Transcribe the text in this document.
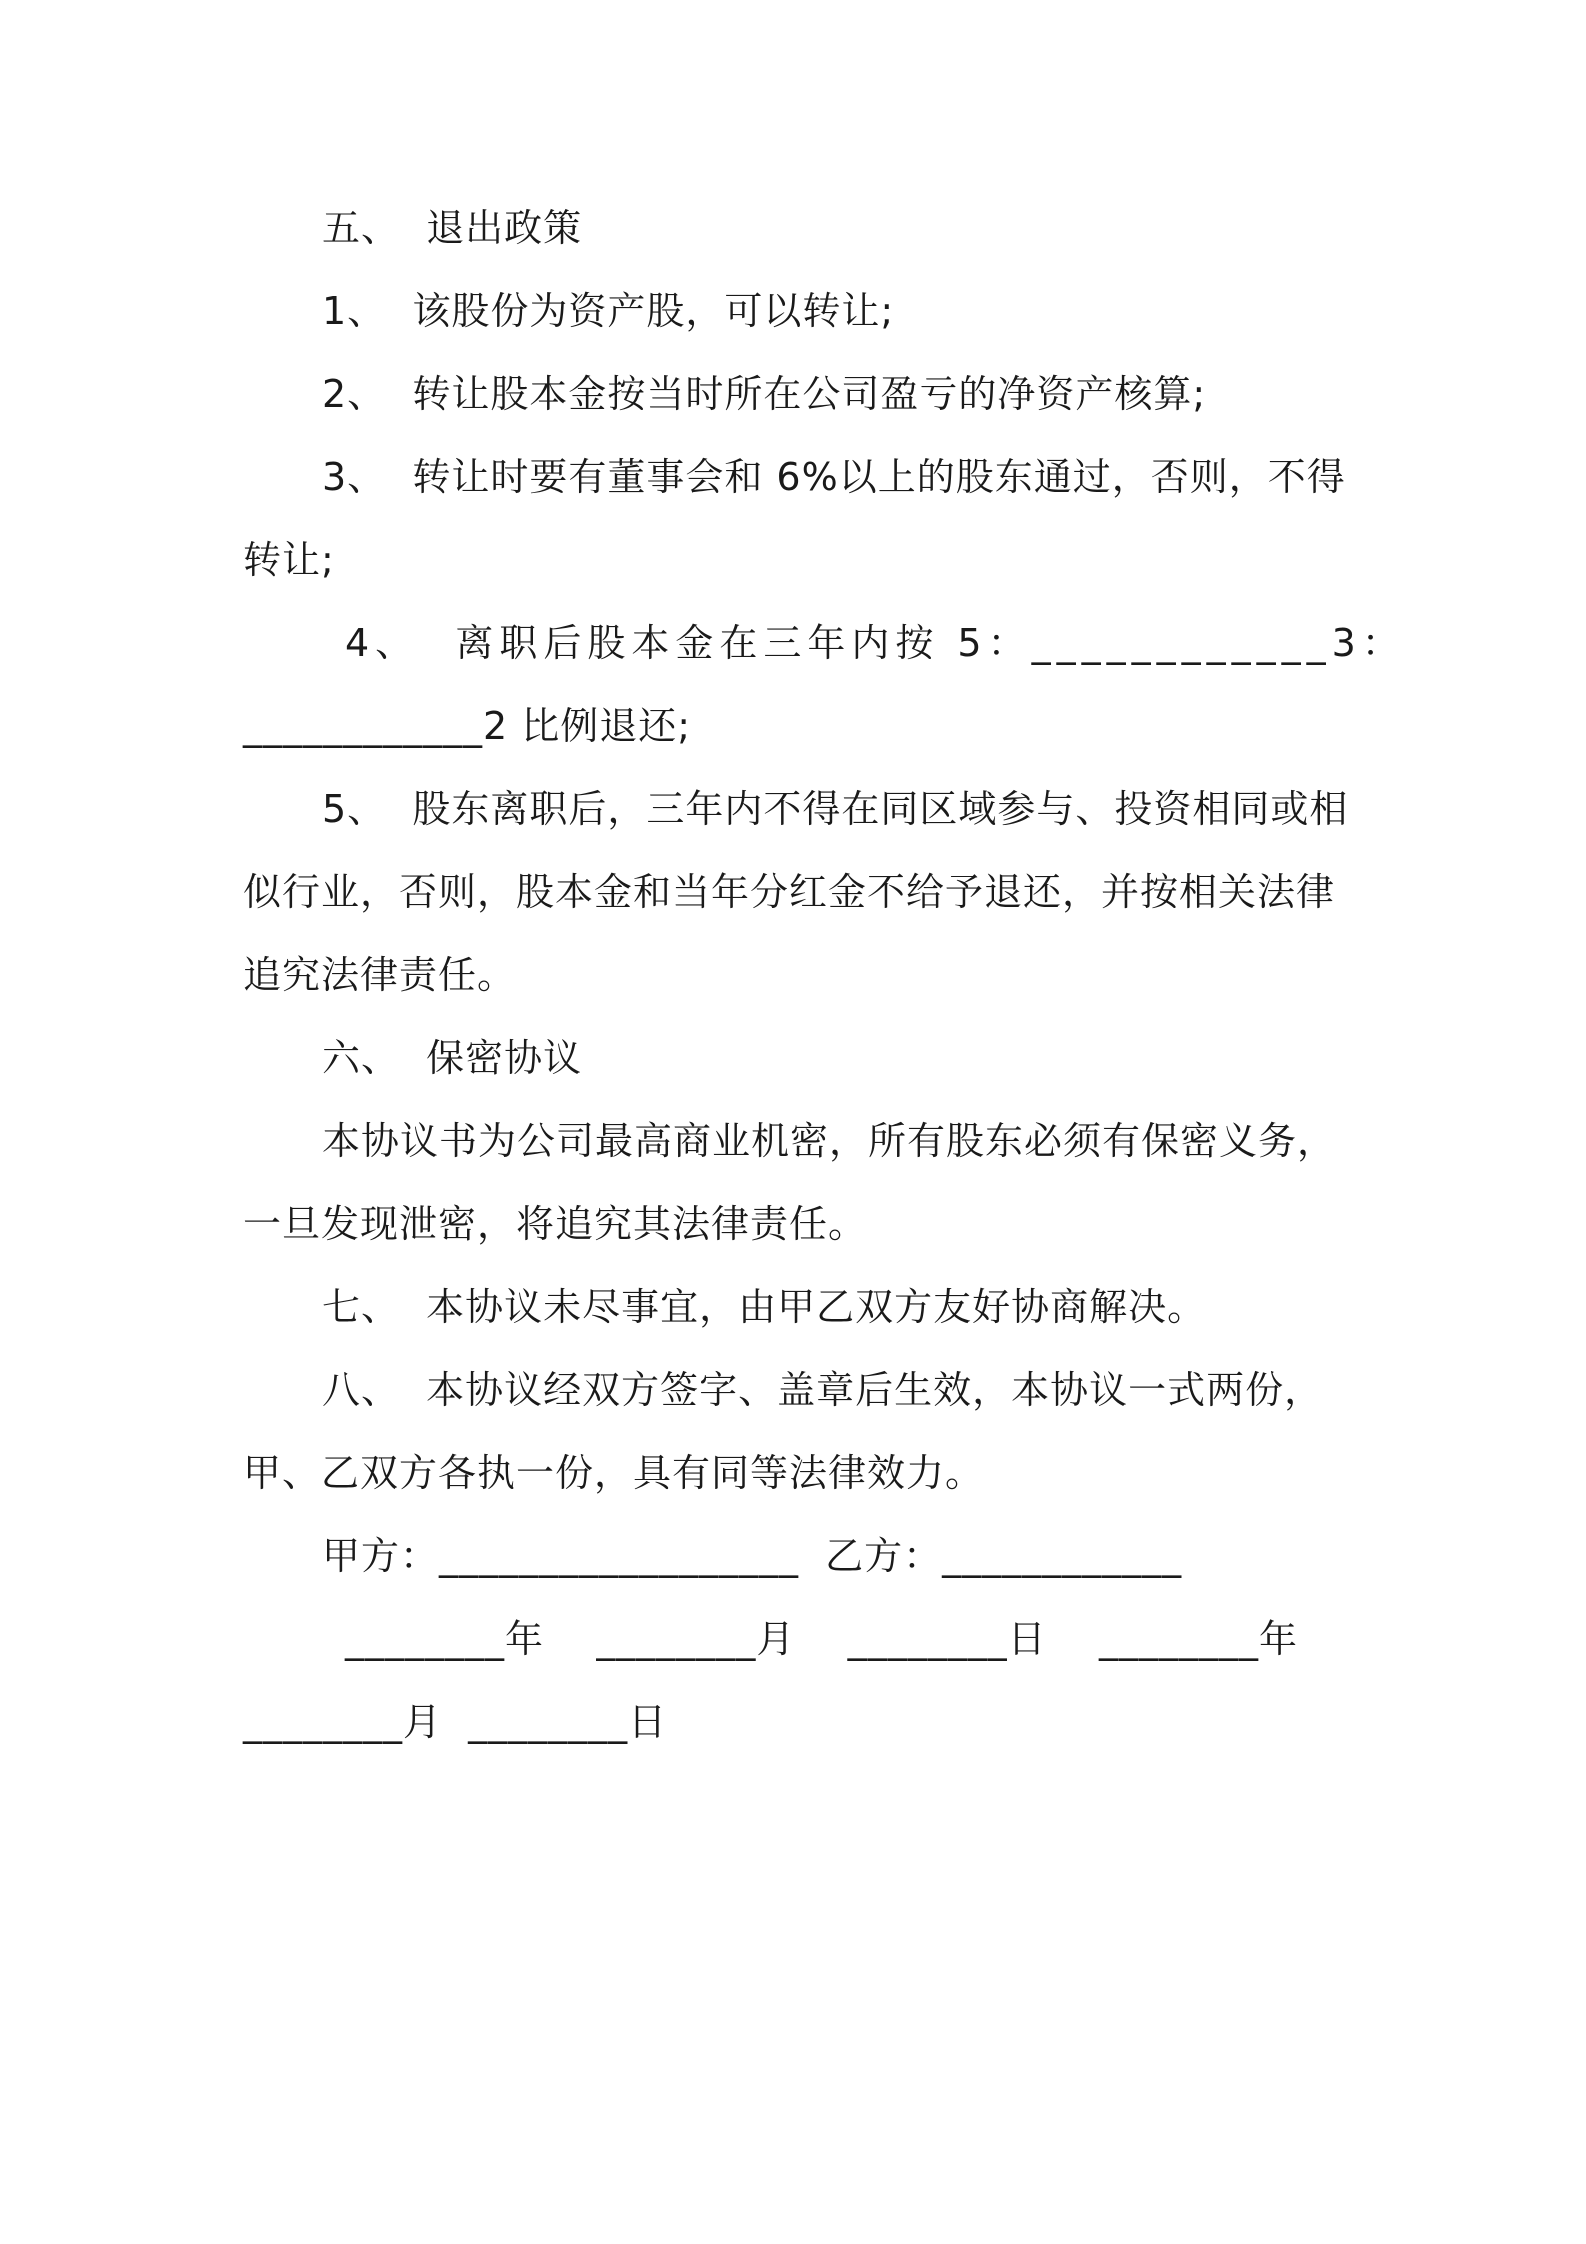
五、  退出政策
1、  该股份为资产股，可以转让;
2、  转让股本金按当时所在公司盈亏的净资产核算;
3、  转让时要有董事会和 6%以上的股东通过，否则，不得
转让;
4、  离职后股本金在三年内按 5：____________3：
____________2 比例退还;
5、  股东离职后，三年内不得在同区域参与、投资相同或相
似行业，否则，股本金和当年分红金不给予退还，并按相关法律
追究法律责任。
六、  保密协议
本协议书为公司最高商业机密，所有股东必须有保密义务，
一旦发现泄密，将追究其法律责任。
七、  本协议未尽事宜，由甲乙双方友好协商解决。
八、  本协议经双方签字、盖章后生效，本协议一式两份，
甲、乙双方各执一份，具有同等法律效力。
甲方：__________________  乙方：____________
________年    ________月    ________日    ________年
________月  ________日
